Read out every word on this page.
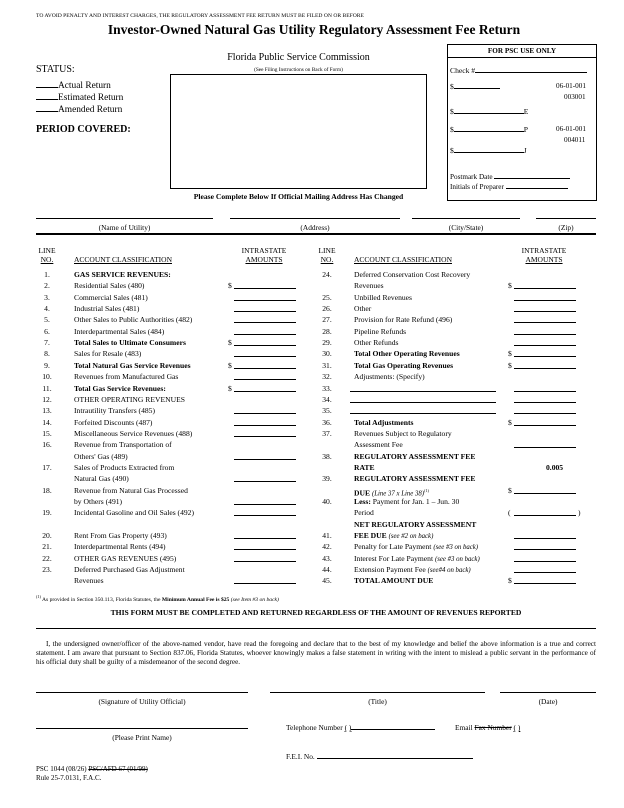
TO AVOID PENALTY AND INTEREST CHARGES, THE REGULATORY ASSESSMENT FEE RETURN MUST BE FILED ON OR BEFORE
Investor-Owned Natural Gas Utility Regulatory Assessment Fee Return
Florida Public Service Commission
(See Filing Instructions on Back of Form)
Please Complete Below If Official Mailing Address Has Changed
STATUS:
Actual Return
Estimated Return
Amended Return
PERIOD COVERED:
FOR PSC USE ONLY
Check #
$	06-01-001
003001
$	E
$	P	06-01-001
004011
$	J
Postmark Date
Initials of Preparer
(Name of Utility)	(Address)	(City/State)	(Zip)
LINE
NO.	ACCOUNT CLASSIFICATION
INTRASTATE
AMOUNTS
LINE
NO.	ACCOUNT CLASSIFICATION
INTRASTATE
AMOUNTS
1.	GAS SERVICE REVENUES:
2.	Residential Sales (480)	$
3.	Commercial Sales (481)
4.	Industrial Sales (481)
5.	Other Sales to Public Authorities (482)
6.	Interdepartmental Sales (484)
7.	Total Sales to Ultimate Consumers	$
8.	Sales for Resale (483)
9.	Total Natural Gas Service Revenues	$
10.	Revenues from Manufactured Gas
11.	Total Gas Service Revenues:	$
12.	OTHER OPERATING REVENUES
13.	Intrautility Transfers (485)
14.	Forfeited Discounts (487)
15.	Miscellaneous Service Revenues (488)
16.	Revenue from Transportation of
Others' Gas (489)
17.	Sales of Products Extracted from
Natural Gas (490)
18.	Revenue from Natural Gas Processed
by Others (491)
19.	Incidental Gasoline and Oil Sales (492)
20.	Rent From Gas Property (493)
21.	Interdepartmental Rents (494)
22.	OTHER GAS REVENUES (495)
23.	Deferred Purchased Gas Adjustment
Revenues
24.	Deferred Conservation Cost Recovery
Revenues	$
25.	Unbilled Revenues
26.	Other
27.	Provision for Rate Refund (496)
28.	Pipeline Refunds
29.	Other Refunds
30.	Total Other Operating Revenues	$
31.	Total Gas Operating Revenues	$
32.	Adjustments: (Specify)
33.
34.
35.
36.	Total Adjustments	$
37.	Revenues Subject to Regulatory
Assessment Fee
38.	REGULATORY ASSESSMENT FEE
RATE	0.005
39.	REGULATORY ASSESSMENT FEE
DUE (Line 37 x Line 38)$^{(1)}$	$
40.	Less: Payment for Jan. 1 – Jun. 30
Period	(	)
NET REGULATORY ASSESSMENT
41.	FEE DUE (see #2 on back)
42.	Penalty for Late Payment (see #3 on back)
43.	Interest For Late Payment (see #3 on back)
44.	Extension Payment Fee (see#4 on back)
45.	TOTAL AMOUNT DUE	$
$^{(1)}$ As provided in Section 350.113, Florida Statutes, the Minimum Annual Fee is $25 (see Item #3 on back)
THIS FORM MUST BE COMPLETED AND RETURNED REGARDLESS OF THE AMOUNT OF REVENUES REPORTED
I, the undersigned owner/officer of the above-named vendor, have read the foregoing and declare that to the best of my knowledge and belief the above information is a true and correct statement. I am aware that pursuant to Section 837.06, Florida Statutes, whoever knowingly makes a false statement in writing with the intent to mislead a public servant in the performance of his official duty shall be guilty of a misdemeanor of the second degree.
(Signature of Utility Official)	(Title)	(Date)
(Please Print Name)
Telephone Number ( )	Email Fax Number ( )
F.E.I. No.
PSC 1044 (08/26) PSC/AFD 67 (01/99)
Rule 25-7.0131, F.A.C.
